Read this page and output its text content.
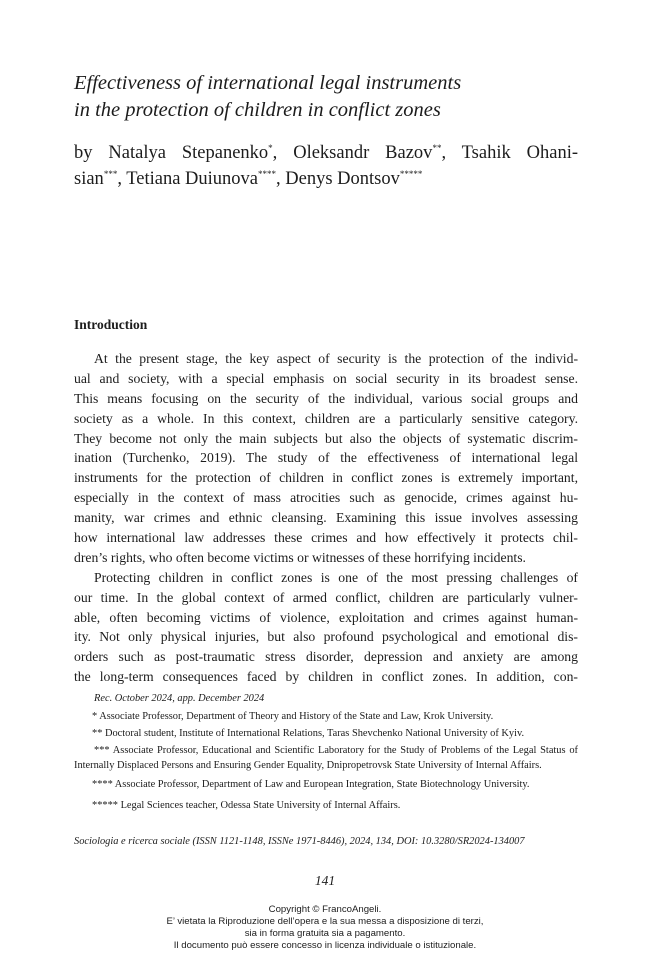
Effectiveness of international legal instruments
in the protection of children in conflict zones
by Natalya Stepanenko*, Oleksandr Bazov**, Tsahik Ohani-
sian***, Tetiana Duiunova****, Denys Dontsov*****
Introduction

At the present stage, the key aspect of security is the protection of the individ-
ual and society, with a special emphasis on social security in its broadest sense.
This means focusing on the security of the individual, various social groups and
society as a whole. In this context, children are a particularly sensitive category.
They become not only the main subjects but also the objects of systematic discrim-
ination (Turchenko, 2019). The study of the effectiveness of international legal
instruments for the protection of children in conflict zones is extremely important,
especially in the context of mass atrocities such as genocide, crimes against hu-
manity, war crimes and ethnic cleansing. Examining this issue involves assessing
how international law addresses these crimes and how effectively it protects chil-
dren’s rights, who often become victims or witnesses of these horrifying incidents.

Protecting children in conflict zones is one of the most pressing challenges of
our time. In the global context of armed conflict, children are particularly vulner-
able, often becoming victims of violence, exploitation and crimes against human-
ity. Not only physical injuries, but also profound psychological and emotional dis-
orders such as post-traumatic stress disorder, depression and anxiety are among
the long-term consequences faced by children in conflict zones. In addition, con-

Rec. October 2024, app. December 2024
* Associate Professor, Department of Theory and History of the State and Law, Krok University.
** Doctoral student, Institute of International Relations, Taras Shevchenko National University of Kyiv.
*** Associate Professor, Educational and Scientific Laboratory for the Study of Problems of the Legal Status of Internally Displaced Persons and Ensuring Gender Equality, Dnipropetrovsk State University of Internal Affairs.
**** Associate Professor, Department of Law and European Integration, State Biotechnology University.
***** Legal Sciences teacher, Odessa State University of Internal Affairs.
Sociologia e ricerca sociale (ISSN 1121-1148, ISSNe 1971-8446), 2024, 134, DOI: 10.3280/SR2024-134007
141
Copyright © FrancoAngeli.
E’ vietata la Riproduzione dell’opera e la sua messa a disposizione di terzi,
sia in forma gratuita sia a pagamento.
Il documento può essere concesso in licenza individuale o istituzionale.
